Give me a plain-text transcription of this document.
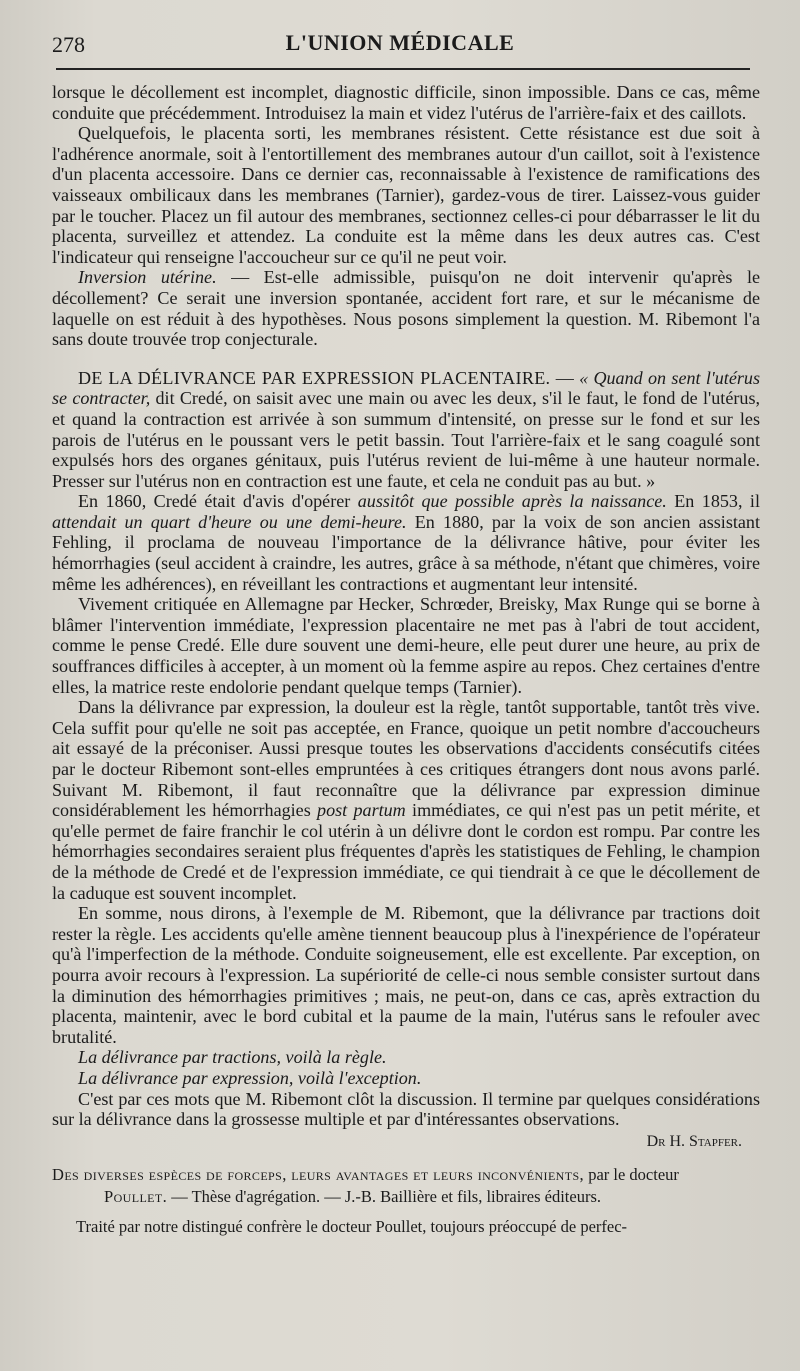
278	L'UNION MÉDICALE

lorsque le décollement est incomplet, diagnostic difficile, sinon impossible. Dans ce cas, même conduite que précédemment. Introduisez la main et videz l'utérus de l'arrière-faix et des caillots.

Quelquefois, le placenta sorti, les membranes résistent. Cette résistance est due soit à l'adhérence anormale, soit à l'entortillement des membranes autour d'un caillot, soit à l'existence d'un placenta accessoire. Dans ce dernier cas, reconnaissable à l'existence de ramifications des vaisseaux ombilicaux dans les membranes (Tarnier), gardez-vous de tirer. Laissez-vous guider par le toucher. Placez un fil autour des membranes, sectionnez celles-ci pour débarrasser le lit du placenta, surveillez et attendez. La conduite est la même dans les deux autres cas. C'est l'indicateur qui renseigne l'accoucheur sur ce qu'il ne peut voir.

Inversion utérine. — Est-elle admissible, puisqu'on ne doit intervenir qu'après le décollement? Ce serait une inversion spontanée, accident fort rare, et sur le mécanisme de laquelle on est réduit à des hypothèses. Nous posons simplement la question. M. Ribemont l'a sans doute trouvée trop conjecturale.

DE LA DÉLIVRANCE PAR EXPRESSION PLACENTAIRE. — « Quand on sent l'utérus se contracter, dit Credé, on saisit avec une main ou avec les deux, s'il le faut, le fond de l'utérus, et quand la contraction est arrivée à son summum d'intensité, on presse sur le fond et sur les parois de l'utérus en le poussant vers le petit bassin. Tout l'arrière-faix et le sang coagulé sont expulsés hors des organes génitaux, puis l'utérus revient de lui-même à une hauteur normale. Presser sur l'utérus non en contraction est une faute, et cela ne conduit pas au but. »

En 1860, Credé était d'avis d'opérer aussitôt que possible après la naissance. En 1853, il attendait un quart d'heure ou une demi-heure. En 1880, par la voix de son ancien assistant Fehling, il proclama de nouveau l'importance de la délivrance hâtive, pour éviter les hémorrhagies (seul accident à craindre, les autres, grâce à sa méthode, n'étant que chimères, voire même les adhérences), en réveillant les contractions et augmentant leur intensité.

Vivement critiquée en Allemagne par Hecker, Schrœder, Breisky, Max Runge qui se borne à blâmer l'intervention immédiate, l'expression placentaire ne met pas à l'abri de tout accident, comme le pense Credé. Elle dure souvent une demi-heure, elle peut durer une heure, au prix de souffrances difficiles à accepter, à un moment où la femme aspire au repos. Chez certaines d'entre elles, la matrice reste endolorie pendant quelque temps (Tarnier).

Dans la délivrance par expression, la douleur est la règle, tantôt supportable, tantôt très vive. Cela suffit pour qu'elle ne soit pas acceptée, en France, quoique un petit nombre d'accoucheurs ait essayé de la préconiser. Aussi presque toutes les observations d'accidents consécutifs citées par le docteur Ribemont sont-elles empruntées à ces critiques étrangers dont nous avons parlé. Suivant M. Ribemont, il faut reconnaître que la délivrance par expression diminue considérablement les hémorrhagies post partum immédiates, ce qui n'est pas un petit mérite, et qu'elle permet de faire franchir le col utérin à un délivre dont le cordon est rompu. Par contre les hémorrhagies secondaires seraient plus fréquentes d'après les statistiques de Fehling, le champion de la méthode de Credé et de l'expression immédiate, ce qui tiendrait à ce que le décollement de la caduque est souvent incomplet.

En somme, nous dirons, à l'exemple de M. Ribemont, que la délivrance par tractions doit rester la règle. Les accidents qu'elle amène tiennent beaucoup plus à l'inexpérience de l'opérateur qu'à l'imperfection de la méthode. Conduite soigneusement, elle est excellente. Par exception, on pourra avoir recours à l'expression. La supériorité de celle-ci nous semble consister surtout dans la diminution des hémorrhagies primitives ; mais, ne peut-on, dans ce cas, après extraction du placenta, maintenir, avec le bord cubital et la paume de la main, l'utérus sans le refouler avec brutalité.

La délivrance par tractions, voilà la règle.

La délivrance par expression, voilà l'exception.

C'est par ces mots que M. Ribemont clôt la discussion. Il termine par quelques considérations sur la délivrance dans la grossesse multiple et par d'intéressantes observations.

Dr H. Stapfer.

Des diverses espèces de forceps, leurs avantages et leurs inconvénients, par le docteur

Poullet. — Thèse d'agrégation. — J.-B. Baillière et fils, libraires éditeurs.

Traité par notre distingué confrère le docteur Poullet, toujours préoccupé de perfec-
